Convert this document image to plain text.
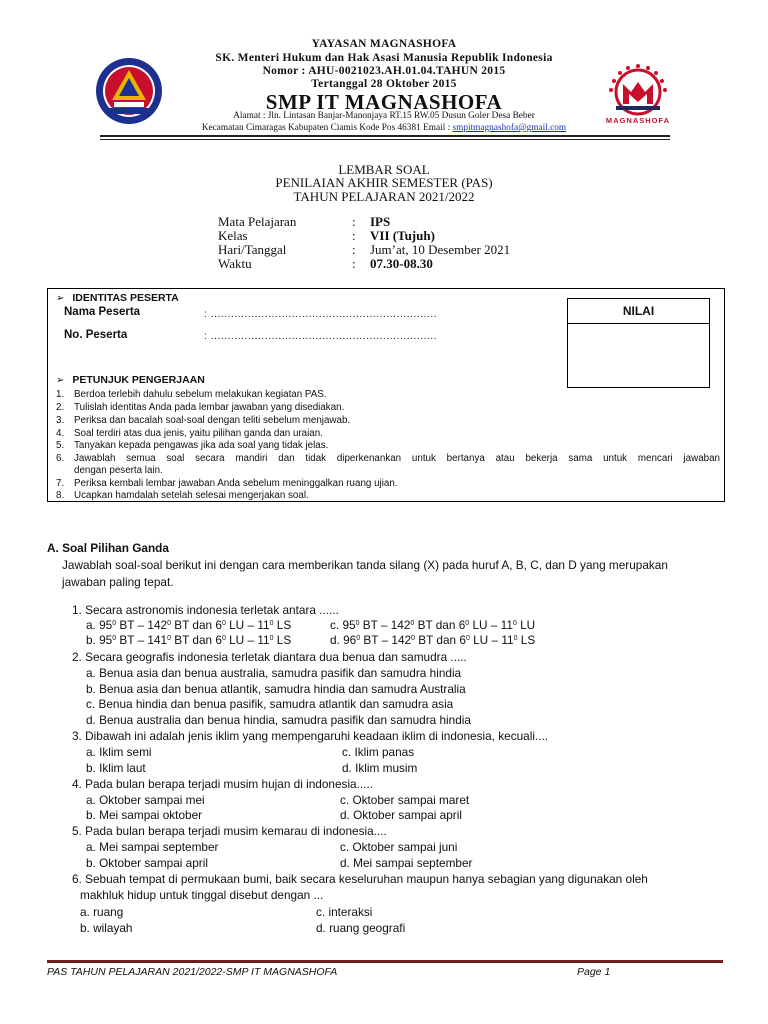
YAYASAN MAGNASHOFA
SK. Menteri Hukum dan Hak Asasi Manusia Republik Indonesia
Nomor : AHU-0021023.AH.01.04.TAHUN 2015
Tertanggal 28 Oktober 2015
SMP IT MAGNASHOFA
Alamat : Jln. Lintasan Banjar-Manonjaya RT.15 RW.05 Dusun Goler Desa Beber
Kecamatan Cimaragas Kabupaten Ciamis Kode Pos 46381 Email : smpitmagnashofa@gmail.com
MAGNASHOFA
LEMBAR SOAL
PENILAIAN AKHIR SEMESTER (PAS)
TAHUN PELAJARAN 2021/2022
Mata Pelajaran	: IPS
Kelas	: VII (Tujuh)
Hari/Tanggal	: Jum’at, 10 Desember 2021
Waktu	: 07.30-08.30
➢ IDENTITAS PESERTA
Nama Peserta	: ...................................................................
No. Peserta	: ...................................................................
NILAI
➢ PETUNJUK PENGERJAAN
1. Berdoa terlebih dahulu sebelum melakukan kegiatan PAS.
2. Tulislah identitas Anda pada lembar jawaban yang disediakan.
3. Periksa dan bacalah soal-soal dengan teliti sebelum menjawab.
4. Soal terdiri atas dua jenis, yaitu pilihan ganda dan uraian.
5. Tanyakan kepada pengawas jika ada soal yang tidak jelas.
6. Jawablah semua soal secara mandiri dan tidak diperkenankan untuk bertanya atau bekerja sama untuk mencari jawaban
dengan peserta lain.
7. Periksa kembali lembar jawaban Anda sebelum meninggalkan ruang ujian.
8. Ucapkan hamdalah setelah selesai mengerjakan soal.
A. Soal Pilihan Ganda
Jawablah soal-soal berikut ini dengan cara memberikan tanda silang (X) pada huruf A, B, C, dan D yang merupakan
jawaban paling tepat.
1. Secara astronomis indonesia terletak antara ......
a. $95^0$ BT – $142^0$ BT dan $6^0$ LU – $11^0$ LS
b. $95^0$ BT – $141^0$ BT dan $6^0$ LU – $11^0$ LS
c. $95^0$ BT – $142^0$ BT dan $6^0$ LU – $11^0$ LU
d. $96^0$ BT – $142^0$ BT dan $6^0$ LU – $11^0$ LS
2. Secara geografis indonesia terletak diantara dua benua dan samudra .....
a. Benua asia dan benua australia, samudra pasifik dan samudra hindia
b. Benua asia dan benua atlantik, samudra hindia dan samudra Australia
c. Benua hindia dan benua pasifik, samudra atlantik dan samudra asia
d. Benua australia dan benua hindia, samudra pasifik dan samudra hindia
3. Dibawah ini adalah jenis iklim yang mempengaruhi keadaan iklim di indonesia, kecuali....
a. Iklim semi
b. Iklim laut
c. Iklim panas
d. Iklim musim
4. Pada bulan berapa terjadi musim hujan di indonesia.....
a. Oktober sampai mei
b. Mei sampai oktober
c. Oktober sampai maret
d. Oktober sampai april
5. Pada bulan berapa terjadi musim kemarau di indonesia....
a. Mei sampai september
b. Oktober sampai april
c. Oktober sampai juni
d. Mei sampai september
6. Sebuah tempat di permukaan bumi, baik secara keseluruhan maupun hanya sebagian yang digunakan oleh
makhluk hidup untuk tinggal disebut dengan ...
a. ruang
b. wilayah
c. interaksi
d. ruang geografi
PAS TAHUN PELAJARAN 2021/2022-SMP IT MAGNASHOFA	Page 1
